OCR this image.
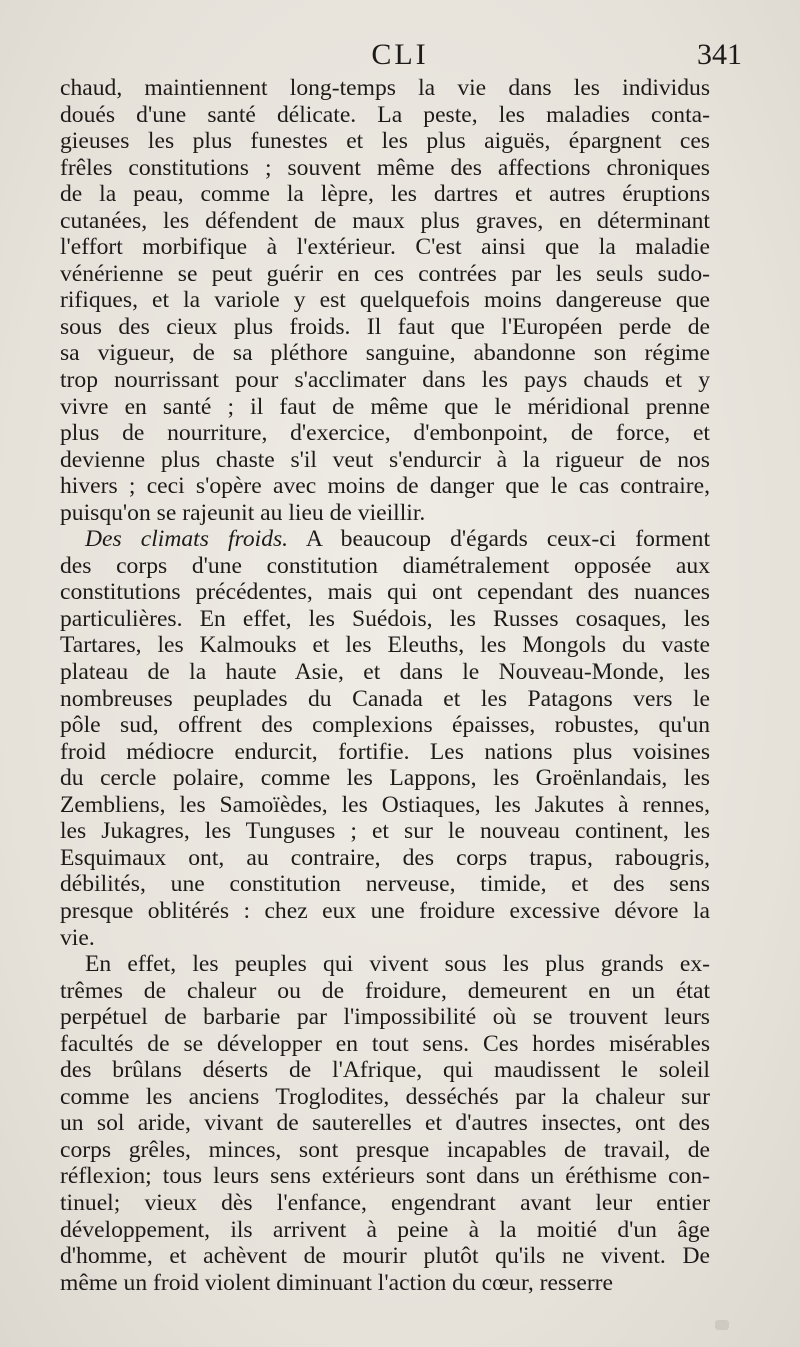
CLI	341
chaud, maintiennent long-temps la vie dans les individus
doués d'une santé délicate. La peste, les maladies conta-
gieuses les plus funestes et les plus aiguës, épargnent ces
frêles constitutions ; souvent même des affections chroniques
de la peau, comme la lèpre, les dartres et autres éruptions
cutanées, les défendent de maux plus graves, en déterminant
l'effort morbifique à l'extérieur. C'est ainsi que la maladie
vénérienne se peut guérir en ces contrées par les seuls sudo-
rifiques, et la variole y est quelquefois moins dangereuse que
sous des cieux plus froids. Il faut que l'Européen perde de
sa vigueur, de sa pléthore sanguine, abandonne son régime
trop nourrissant pour s'acclimater dans les pays chauds et y
vivre en santé ; il faut de même que le méridional prenne
plus de nourriture, d'exercice, d'embonpoint, de force, et
devienne plus chaste s'il veut s'endurcir à la rigueur de nos
hivers ; ceci s'opère avec moins de danger que le cas contraire,
puisqu'on se rajeunit au lieu de vieillir.
Des climats froids. A beaucoup d'égards ceux-ci forment
des corps d'une constitution diamétralement opposée aux
constitutions précédentes, mais qui ont cependant des nuances
particulières. En effet, les Suédois, les Russes cosaques, les
Tartares, les Kalmouks et les Eleuths, les Mongols du vaste
plateau de la haute Asie, et dans le Nouveau-Monde, les
nombreuses peuplades du Canada et les Patagons vers le
pôle sud, offrent des complexions épaisses, robustes, qu'un
froid médiocre endurcit, fortifie. Les nations plus voisines
du cercle polaire, comme les Lappons, les Groënlandais, les
Zembliens, les Samoïèdes, les Ostiaques, les Jakutes à rennes,
les Jukagres, les Tunguses ; et sur le nouveau continent, les
Esquimaux ont, au contraire, des corps trapus, rabougris,
débilités, une constitution nerveuse, timide, et des sens
presque oblitérés : chez eux une froidure excessive dévore la
vie.
En effet, les peuples qui vivent sous les plus grands ex-
trêmes de chaleur ou de froidure, demeurent en un état
perpétuel de barbarie par l'impossibilité où se trouvent leurs
facultés de se développer en tout sens. Ces hordes misérables
des brûlans déserts de l'Afrique, qui maudissent le soleil
comme les anciens Troglodites, desséchés par la chaleur sur
un sol aride, vivant de sauterelles et d'autres insectes, ont des
corps grêles, minces, sont presque incapables de travail, de
réflexion; tous leurs sens extérieurs sont dans un éréthisme con-
tinuel; vieux dès l'enfance, engendrant avant leur entier
développement, ils arrivent à peine à la moitié d'un âge
d'homme, et achèvent de mourir plutôt qu'ils ne vivent. De
même un froid violent diminuant l'action du cœur, resserre
